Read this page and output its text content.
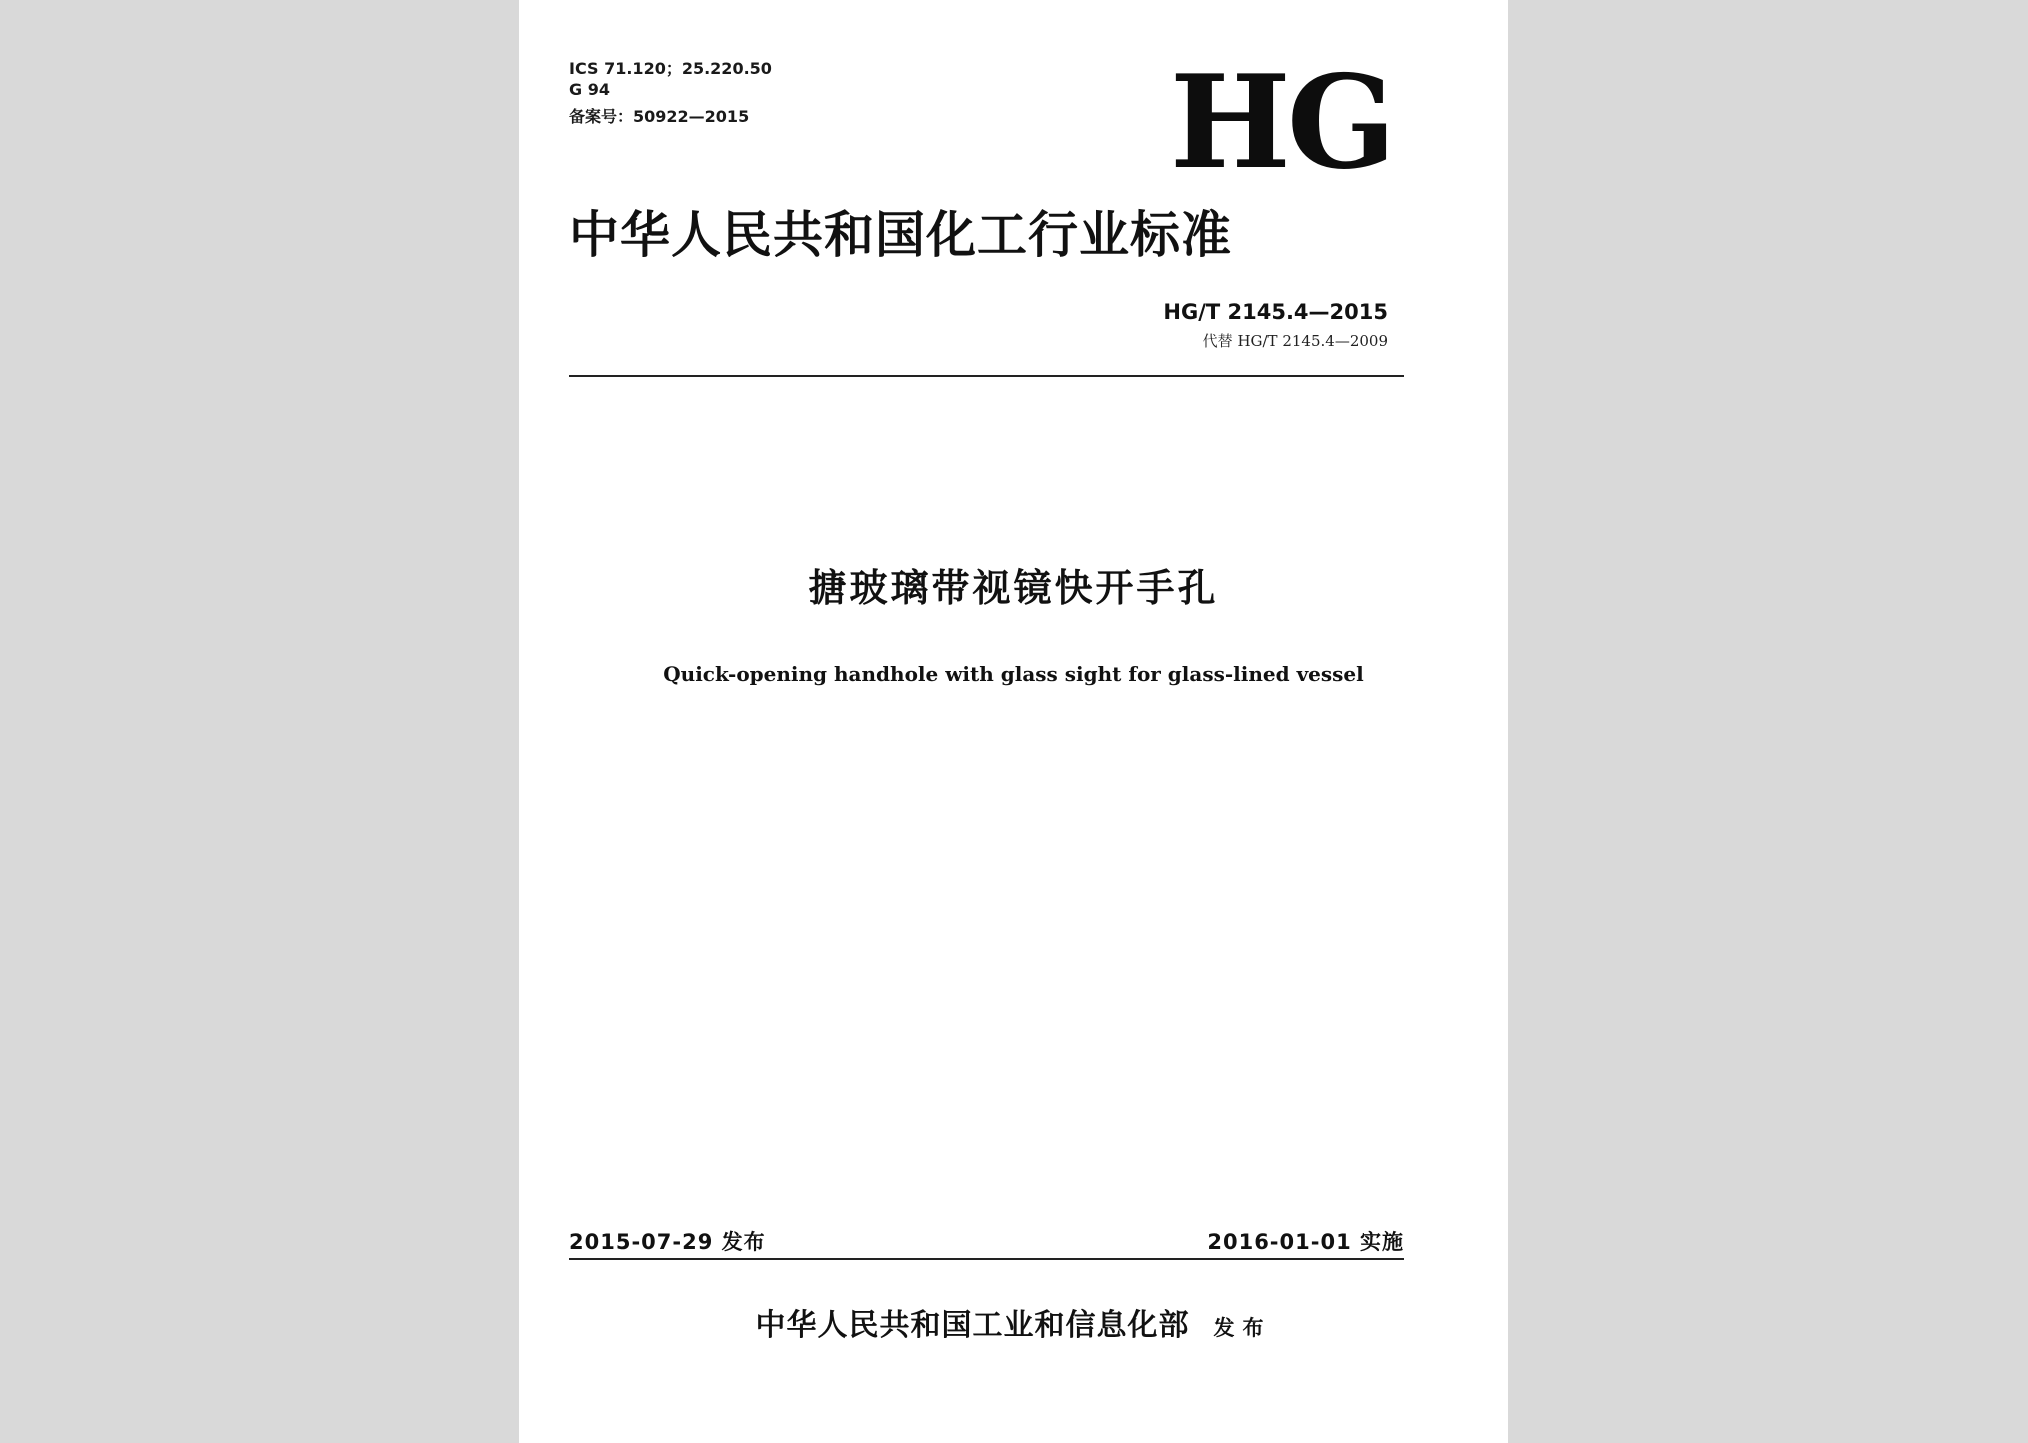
ICS 71.120；25.220.50
G 94
备案号：50922—2015	HG
中华人民共和国化工行业标准
HG/T 2145.4—2015
代替 HG/T 2145.4—2009
搪玻璃带视镜快开手孔
Quick-opening handhole with glass sight for glass-lined vessel
2015-07-29 发布	2016-01-01 实施
中华人民共和国工业和信息化部 发布
